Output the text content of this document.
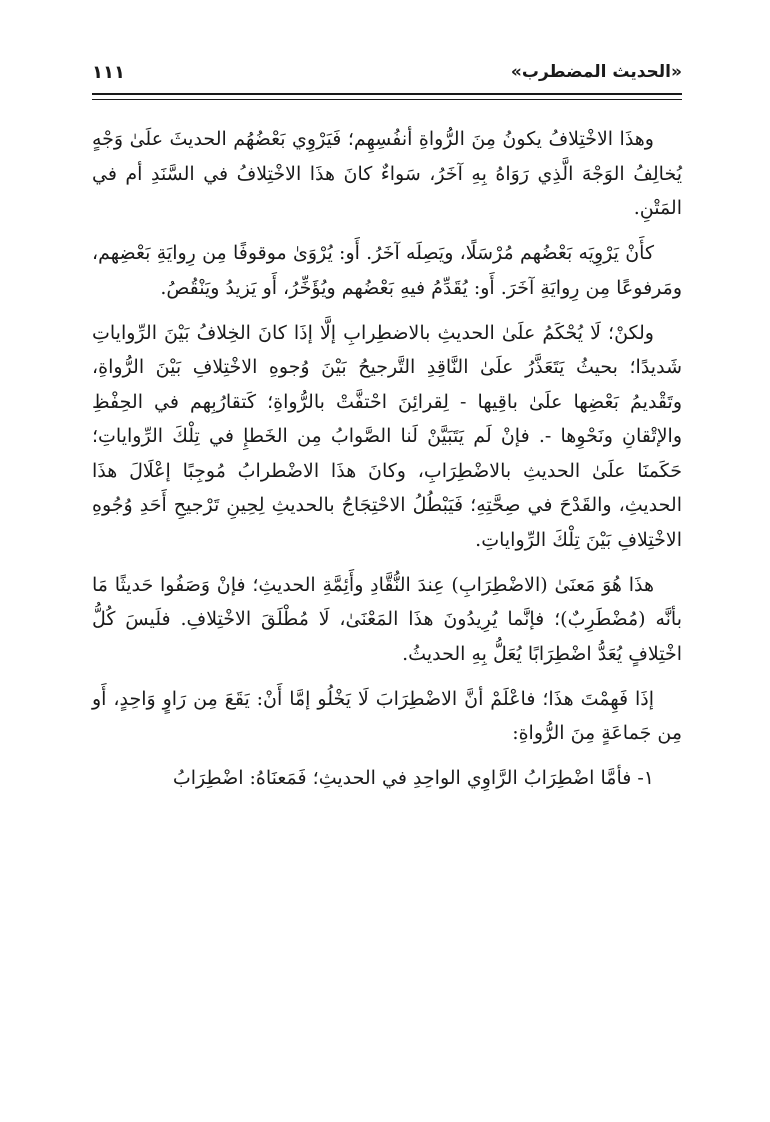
«الحديث المضطرب»
١١١

وهذَا الاخْتِلافُ يكونُ مِنَ الرُّواةِ أنفُسِهِم؛ فَيَرْوِي بَعْضُهُم الحديثَ علَىٰ وَجْهٍ يُخالِفُ الوَجْهَ الَّذِي رَوَاهُ بِهِ آخَرُ، سَواءٌ كانَ هذَا الاخْتِلافُ في السَّنَدِ أم في المَتْنِ.

كأَنْ يَرْوِيَه بَعْضُهم مُرْسَلًا، ويَصِلَه آخَرُ. أَو: يُرْوَىٰ موقوفًا مِن رِوايَةِ بَعْضِهم، ومَرفوعًا مِن رِوايَةِ آخَرَ. أَو: يُقَدِّمُ فيهِ بَعْضُهم ويُؤَخِّرُ، أَو يَزيدُ ويَنْقُصُ.

ولكنْ؛ لَا يُحْكَمُ علَىٰ الحديثِ بالاضطِرابِ إلَّا إذَا كانَ الخِلافُ بَيْنَ الرِّواياتِ شَديدًا؛ بحيثُ يَتَعَذَّرُ علَىٰ النَّاقِدِ التَّرجيحُ بَيْنَ وُجوهِ الاخْتِلافِ بَيْنَ الرُّواةِ، وتَقْديمُ بَعْضِها علَىٰ باقِيها - لِقرائِنَ احْتفَّتْ بالرُّواةِ؛ كَتقارُبِهم في الحِفْظِ والإتْقانِ ونَحْوِها -. فإنْ لَم يَتَبَيَّنْ لَنا الصَّوابُ مِن الخَطإِ في تِلْكَ الرِّواياتِ؛ حَكَمنَا علَىٰ الحديثِ بالاضْطِرَابِ، وكانَ هذَا الاضْطرابُ مُوجِبًا إعْلَالَ هذَا الحديثِ، والقَدْحَ في صِحَّتِهِ؛ فَيَبْطُلُ الاحْتِجَاجُ بالحديثِ لِحِينِ تَرْجيحِ أَحَدِ وُجُوهِ الاخْتِلافِ بَيْنَ تِلْكَ الرِّواياتِ.

هذَا هُوَ مَعنَىٰ (الاضْطِرَابِ) عِندَ النُّقَّادِ وأَئِمَّةِ الحديثِ؛ فإنْ وَصَفُوا حَديثًا مَا بأنَّه (مُضْطَرِبٌ)؛ فإنَّما يُرِيدُونَ هذَا المَعْنَىٰ، لَا مُطْلَقَ الاخْتِلافِ. فلَيسَ كُلُّ اخْتِلافٍ يُعَدُّ اضْطِرَابًا يُعَلُّ بِهِ الحديثُ.

إذَا فَهِمْتَ هذَا؛ فاعْلَمْ أنَّ الاضْطِرَابَ لَا يَخْلُو إمَّا أَنْ: يَقَعَ مِن رَاوٍ وَاحِدٍ، أَو مِن جَماعَةٍ مِنَ الرُّواةِ:

١- فأمَّا اضْطِرَابُ الرَّاوِي الواحِدِ في الحديثِ؛ فَمَعنَاهُ: اضْطِرَابُ
